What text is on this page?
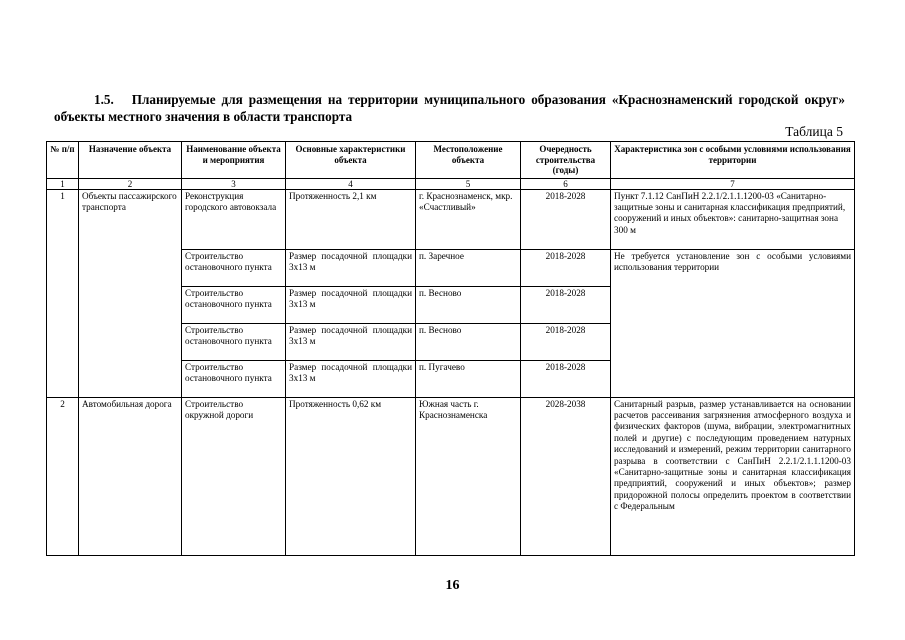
1.5. Планируемые для размещения на территории муниципального образования «Краснознаменский городской округ» объекты местного значения в области транспорта
Таблица 5
№ п/п	Назначение объекта	Наименование объекта и мероприятия	Основные характеристики объекта	Местоположение объекта	Очередность строительства (годы)	Характеристика зон с особыми условиями использования территории
1	2	3	4	5	6	7
1	Объекты пассажирского транспорта	Реконструкция городского автовокзала	Протяженность 2,1 км	г. Краснознаменск, мкр. «Счастливый»	2018-2028	Пункт 7.1.12 СанПиН 2.2.1/2.1.1.1200-03 «Санитарно-защитные зоны и санитарная классификация предприятий, сооружений и иных объектов»: санитарно-защитная зона 300 м
		Строительство остановочного пункта	Размер посадочной площадки 3х13 м	п. Заречное	2018-2028	Не требуется установление зон с особыми условиями использования территории
		Строительство остановочного пункта	Размер посадочной площадки 3х13 м	п. Весново	2018-2028	
		Строительство остановочного пункта	Размер посадочной площадки 3х13 м	п. Весново	2018-2028	
		Строительство остановочного пункта	Размер посадочной площадки 3х13 м	п. Пугачево	2018-2028	
2	Автомобильная дорога	Строительство окружной дороги	Протяженность 0,62 км	Южная часть г. Краснознаменска	2028-2038	Санитарный разрыв, размер устанавливается на основании расчетов рассеивания загрязнения атмосферного воздуха и физических факторов (шума, вибрации, электромагнитных полей и другие) с последующим проведением натурных исследований и измерений, режим территории санитарного разрыва в соответствии с СанПиН 2.2.1/2.1.1.1200-03 «Санитарно-защитные зоны и санитарная классификация предприятий, сооружений и иных объектов»; размер придорожной полосы определить проектом в соответствии с Федеральным
16
